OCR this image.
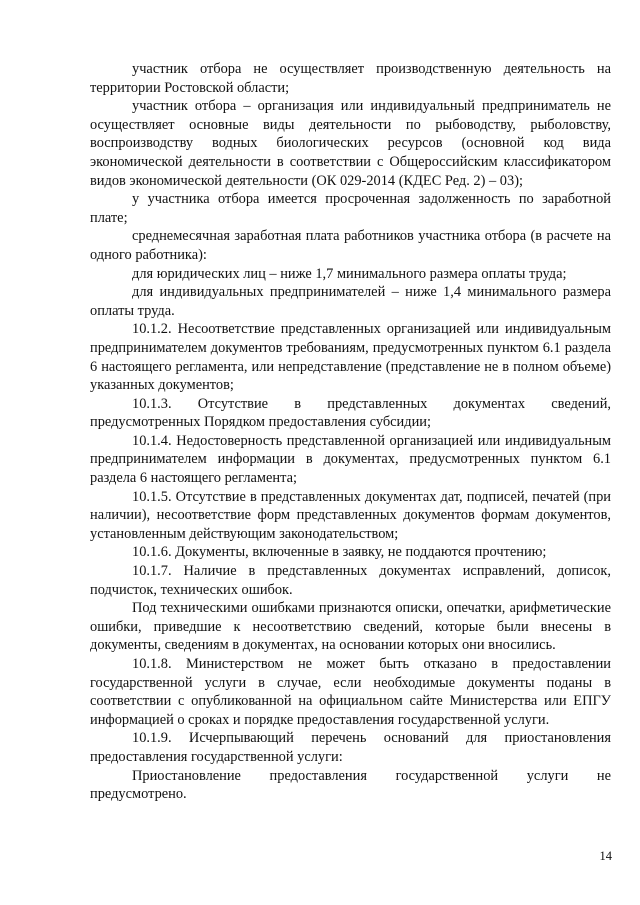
участник отбора не осуществляет производственную деятельность на территории Ростовской области;

участник отбора – организация или индивидуальный предприниматель не осуществляет основные виды деятельности по рыбоводству, рыболовству, воспроизводству водных биологических ресурсов (основной код вида экономической деятельности в соответствии с Общероссийским классификатором видов экономической деятельности (ОК 029-2014 (КДЕС Ред. 2) – 03);

у участника отбора имеется просроченная задолженность по заработной плате;

среднемесячная заработная плата работников участника отбора (в расчете на одного работника):

для юридических лиц – ниже 1,7 минимального размера оплаты труда;

для индивидуальных предпринимателей – ниже 1,4 минимального размера оплаты труда.

10.1.2. Несоответствие представленных организацией или индивидуальным предпринимателем документов требованиям, предусмотренных пунктом 6.1 раздела 6 настоящего регламента, или непредставление (представление не в полном объеме) указанных документов;

10.1.3. Отсутствие в представленных документах сведений, предусмотренных Порядком предоставления субсидии;

10.1.4. Недостоверность представленной организацией или индивидуальным предпринимателем информации в документах, предусмотренных пунктом 6.1 раздела 6 настоящего регламента;

10.1.5. Отсутствие в представленных документах дат, подписей, печатей (при наличии), несоответствие форм представленных документов формам документов, установленным действующим законодательством;

10.1.6. Документы, включенные в заявку, не поддаются прочтению;

10.1.7. Наличие в представленных документах исправлений, дописок, подчисток, технических ошибок.

Под техническими ошибками признаются описки, опечатки, арифметические ошибки, приведшие к несоответствию сведений, которые были внесены в документы, сведениям в документах, на основании которых они вносились.

10.1.8. Министерством не может быть отказано в предоставлении государственной услуги в случае, если необходимые документы поданы в соответствии с опубликованной на официальном сайте Министерства или ЕПГУ информацией о сроках и порядке предоставления государственной услуги.

10.1.9. Исчерпывающий перечень оснований для приостановления предоставления государственной услуги:

Приостановление предоставления государственной услуги не предусмотрено.

14
